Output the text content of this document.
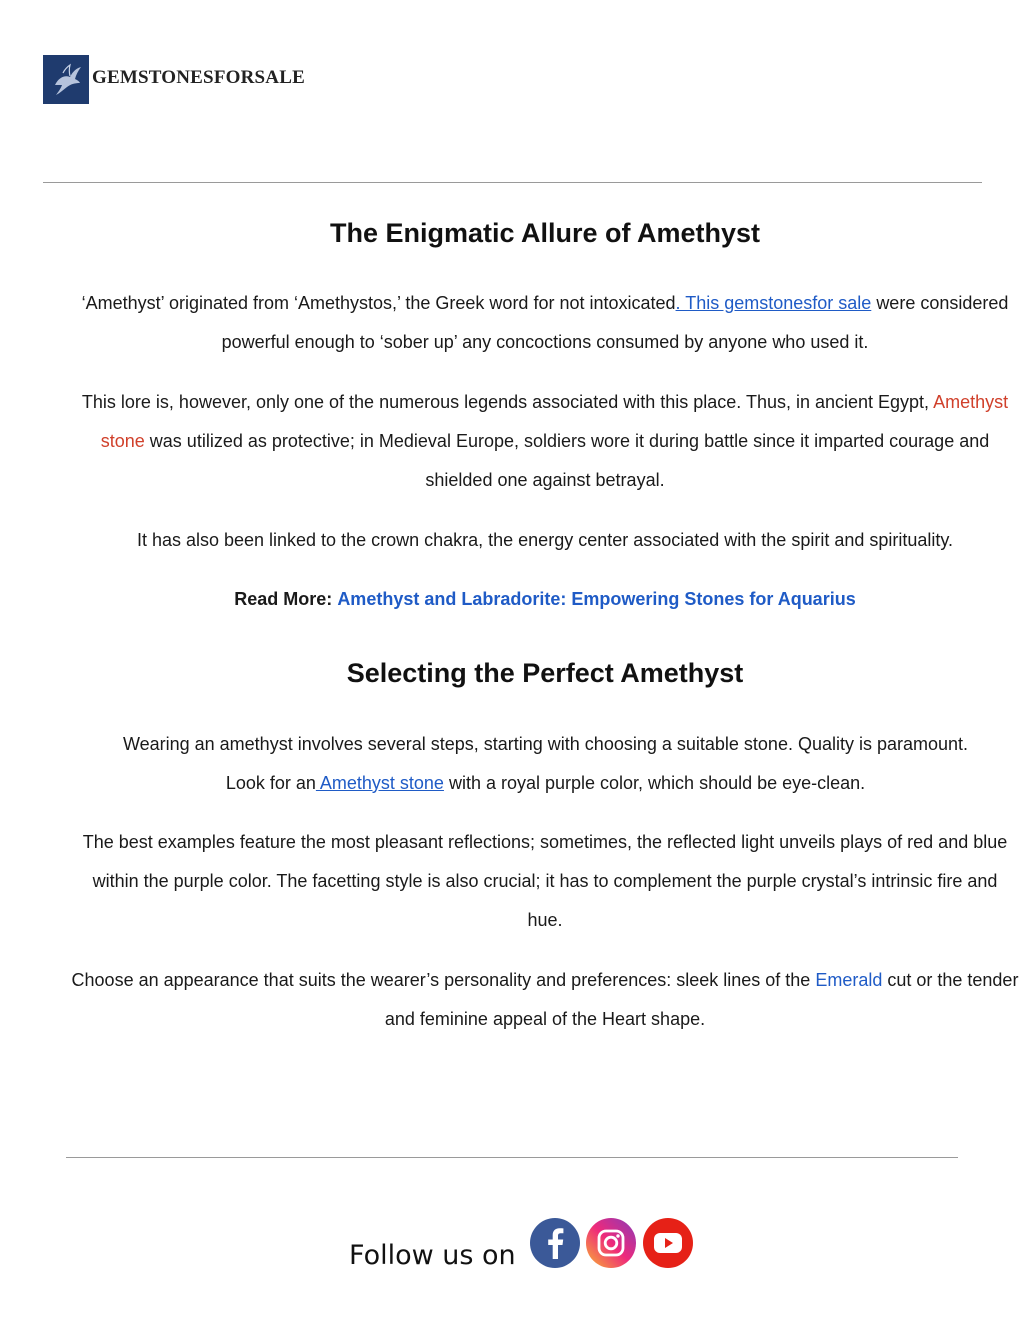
GEMSTONESFORSALE
The Enigmatic Allure of Amethyst

‘Amethyst’ originated from ‘Amethystos,’ the Greek word for not intoxicated. This gemstonesfor sale were considered powerful enough to ‘sober up’ any concoctions consumed by anyone who used it.

This lore is, however, only one of the numerous legends associated with this place. Thus, in ancient Egypt, Amethyst stone was utilized as protective; in Medieval Europe, soldiers wore it during battle since it imparted courage and shielded one against betrayal.

It has also been linked to the crown chakra, the energy center associated with the spirit and spirituality.

Read More: Amethyst and Labradorite: Empowering Stones for Aquarius

Selecting the Perfect Amethyst

Wearing an amethyst involves several steps, starting with choosing a suitable stone. Quality is paramount. Look for an Amethyst stone with a royal purple color, which should be eye-clean.

The best examples feature the most pleasant reflections; sometimes, the reflected light unveils plays of red and blue within the purple color. The facetting style is also crucial; it has to complement the purple crystal’s intrinsic fire and hue.

Choose an appearance that suits the wearer’s personality and preferences: sleek lines of the Emerald cut or the tender and feminine appeal of the Heart shape.

Follow us on
